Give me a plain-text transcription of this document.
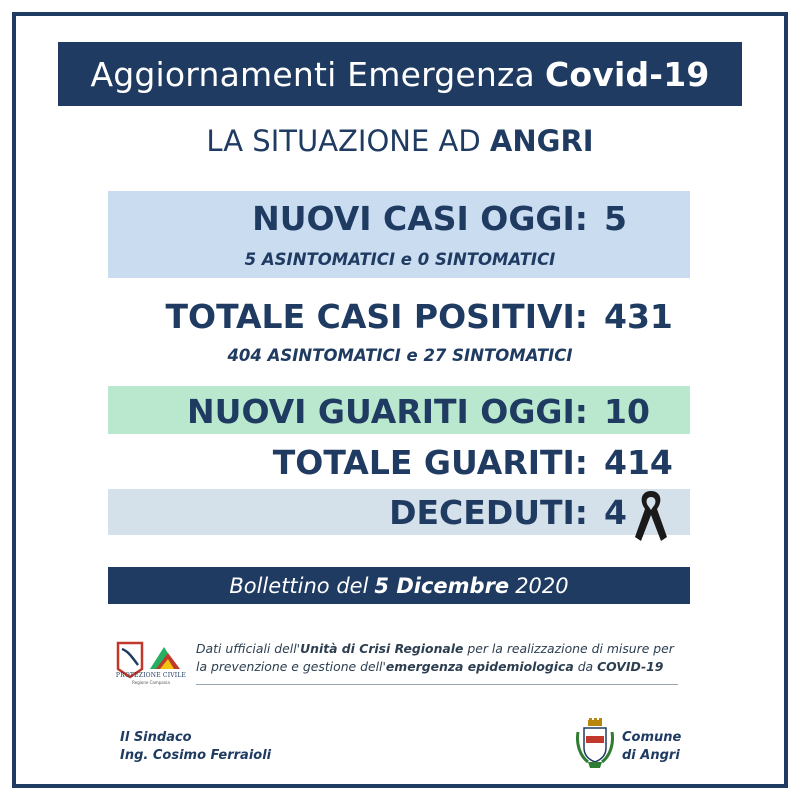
Aggiornamenti Emergenza Covid-19
LA SITUAZIONE AD ANGRI
NUOVI CASI OGGI: 5
5 ASINTOMATICI e 0 SINTOMATICI
TOTALE CASI POSITIVI: 431
404 ASINTOMATICI e 27 SINTOMATICI
NUOVI GUARITI OGGI: 10
TOTALE GUARITI: 414
DECEDUTI: 4
Bollettino del 5 Dicembre 2020
PROTEZIONE CIVILE
Regione Campania
Dati ufficiali dell'Unità di Crisi Regionale per la realizzazione di misure per
la prevenzione e gestione dell'emergenza epidemiologica da COVID-19
Il Sindaco
Ing. Cosimo Ferraioli
Comune
di Angri
